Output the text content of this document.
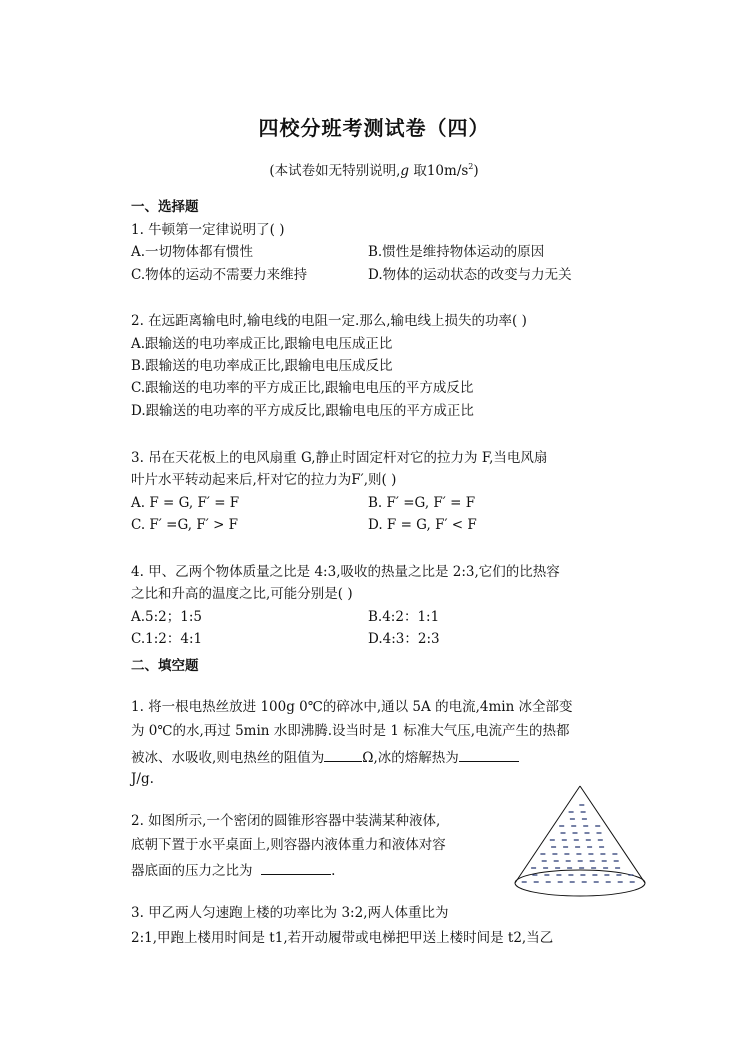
四校分班考测试卷（四）
(本试卷如无特别说明,g 取$10m/s^2$)
一、选择题
1. 牛顿第一定律说明了( )
A.一切物体都有惯性	B.惯性是维持物体运动的原因
C.物体的运动不需要力来维持	D.物体的运动状态的改变与力无关
2. 在远距离输电时,输电线的电阻一定.那么,输电线上损失的功率( )
A.跟输送的电功率成正比,跟输电电压成正比
B.跟输送的电功率成正比,跟输电电压成反比
C.跟输送的电功率的平方成正比,跟输电电压的平方成反比
D.跟输送的电功率的平方成反比,跟输电电压的平方成正比
3. 吊在天花板上的电风扇重 G,静止时固定杆对它的拉力为 F,当电风扇
叶片水平转动起来后,杆对它的拉力为F′,则( )
A. F = G, F′ = F	B. F′ =G, F′ = F
C. F′ =G, F′ > F	D. F = G, F′ < F
4. 甲、乙两个物体质量之比是 4:3,吸收的热量之比是 2:3,它们的比热容
之比和升高的温度之比,可能分别是( )
A.5:2；1:5	B.4:2：1:1
C.1:2：4:1	D.4:3：2:3
二、填空题
1. 将一根电热丝放进 100g 0℃的碎冰中,通以 5A 的电流,4min 冰全部变
为 0℃的水,再过 5min 水即沸腾.设当时是 1 标准大气压,电流产生的热都
被冰、水吸收,则电热丝的阻值为	Ω,冰的熔解热为
J/g.
2. 如图所示,一个密闭的圆锥形容器中装满某种液体,
底朝下置于水平桌面上,则容器内液体重力和液体对容
器底面的压力之比为	.
3. 甲乙两人匀速跑上楼的功率比为 3:2,两人体重比为
2:1,甲跑上楼用时间是 t1,若开动履带或电梯把甲送上楼时间是 t2,当乙
